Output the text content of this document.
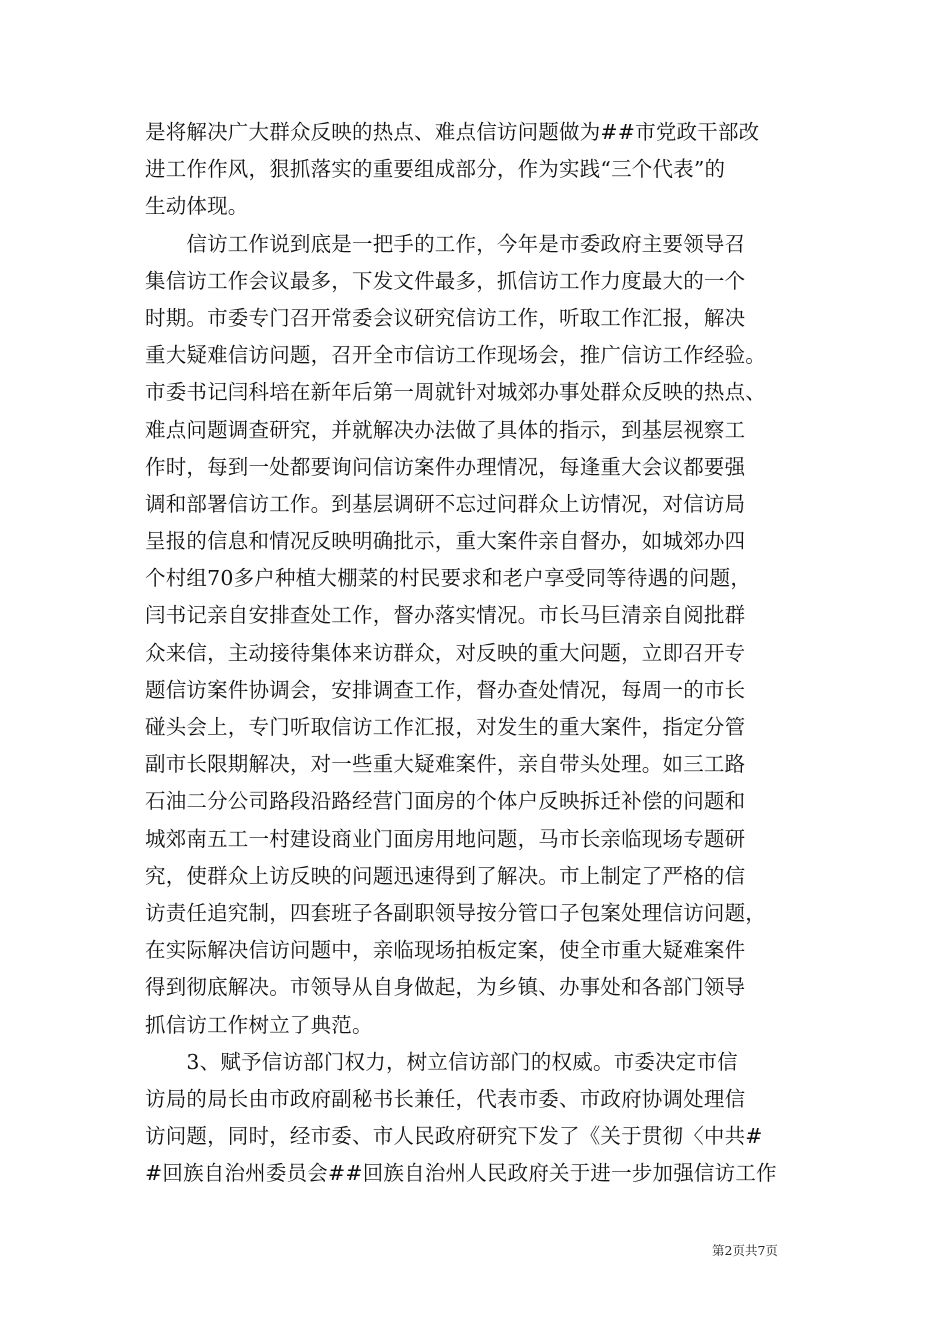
是将解决广大群众反映的热点、难点信访问题做为##市党政干部改
进工作作风，狠抓落实的重要组成部分，作为实践“三个代表”的
生动体现。
　　信访工作说到底是一把手的工作，今年是市委政府主要领导召
集信访工作会议最多，下发文件最多，抓信访工作力度最大的一个
时期。市委专门召开常委会议研究信访工作，听取工作汇报，解决
重大疑难信访问题，召开全市信访工作现场会，推广信访工作经验。
市委书记闫科培在新年后第一周就针对城郊办事处群众反映的热点、
难点问题调查研究，并就解决办法做了具体的指示，到基层视察工
作时，每到一处都要询问信访案件办理情况，每逢重大会议都要强
调和部署信访工作。到基层调研不忘过问群众上访情况，对信访局
呈报的信息和情况反映明确批示，重大案件亲自督办，如城郊办四
个村组70多户种植大棚菜的村民要求和老户享受同等待遇的问题，
闫书记亲自安排查处工作，督办落实情况。市长马巨清亲自阅批群
众来信，主动接待集体来访群众，对反映的重大问题，立即召开专
题信访案件协调会，安排调查工作，督办查处情况，每周一的市长
碰头会上，专门听取信访工作汇报，对发生的重大案件，指定分管
副市长限期解决，对一些重大疑难案件，亲自带头处理。如三工路
石油二分公司路段沿路经营门面房的个体户反映拆迁补偿的问题和
城郊南五工一村建设商业门面房用地问题，马市长亲临现场专题研
究，使群众上访反映的问题迅速得到了解决。市上制定了严格的信
访责任追究制，四套班子各副职领导按分管口子包案处理信访问题，
在实际解决信访问题中，亲临现场拍板定案，使全市重大疑难案件
得到彻底解决。市领导从自身做起，为乡镇、办事处和各部门领导
抓信访工作树立了典范。
　　3、赋予信访部门权力，树立信访部门的权威。市委决定市信
访局的局长由市政府副秘书长兼任，代表市委、市政府协调处理信
访问题，同时，经市委、市人民政府研究下发了《关于贯彻〈中共#
#回族自治州委员会##回族自治州人民政府关于进一步加强信访工作
第2页共7页
